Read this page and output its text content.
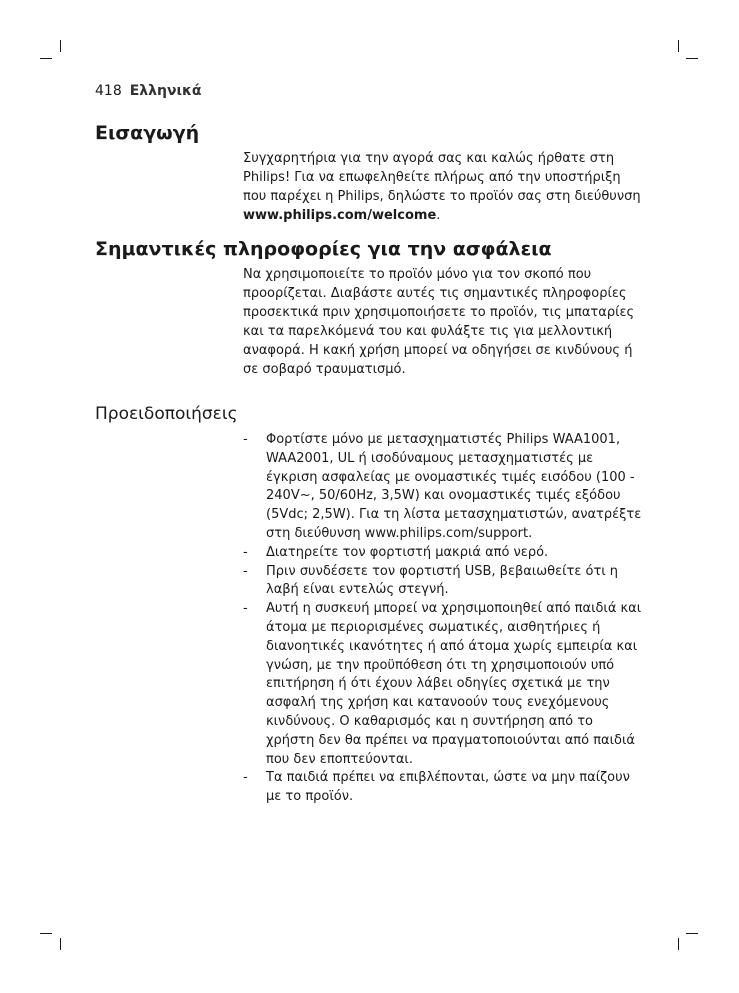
418 Ελληνικά
Εισαγωγή

Συγχαρητήρια για την αγορά σας και καλώς ήρθατε στη Philips! Για να επωφεληθείτε πλήρως από την υποστήριξη που παρέχει η Philips, δηλώστε το προϊόν σας στη διεύθυνση www.philips.com/welcome.

Σημαντικές πληροφορίες για την ασφάλεια

Να χρησιμοποιείτε το προϊόν μόνο για τον σκοπό που προορίζεται. Διαβάστε αυτές τις σημαντικές πληροφορίες προσεκτικά πριν χρησιμοποιήσετε το προϊόν, τις μπαταρίες και τα παρελκόμενά του και φυλάξτε τις για μελλοντική αναφορά. Η κακή χρήση μπορεί να οδηγήσει σε κινδύνους ή σε σοβαρό τραυματισμό.

Προειδοποιήσεις
- Φορτίστε μόνο με μετασχηματιστές Philips WAA1001, WAA2001, UL ή ισοδύναμους μετασχηματιστές με έγκριση ασφαλείας με ονομαστικές τιμές εισόδου (100 - 240V~, 50/60Hz, 3,5W) και ονομαστικές τιμές εξόδου (5Vdc; 2,5W). Για τη λίστα μετασχηματιστών, ανατρέξτε στη διεύθυνση www.philips.com/support.
- Διατηρείτε τον φορτιστή μακριά από νερό.
- Πριν συνδέσετε τον φορτιστή USB, βεβαιωθείτε ότι η λαβή είναι εντελώς στεγνή.
- Αυτή η συσκευή μπορεί να χρησιμοποιηθεί από παιδιά και άτομα με περιορισμένες σωματικές, αισθητήριες ή διανοητικές ικανότητες ή από άτομα χωρίς εμπειρία και γνώση, με την προϋπόθεση ότι τη χρησιμοποιούν υπό επιτήρηση ή ότι έχουν λάβει οδηγίες σχετικά με την ασφαλή της χρήση και κατανοούν τους ενεχόμενους κινδύνους. Ο καθαρισμός και η συντήρηση από το χρήστη δεν θα πρέπει να πραγματοποιούνται από παιδιά που δεν εποπτεύονται.
- Τα παιδιά πρέπει να επιβλέπονται, ώστε να μην παίζουν με το προϊόν.
